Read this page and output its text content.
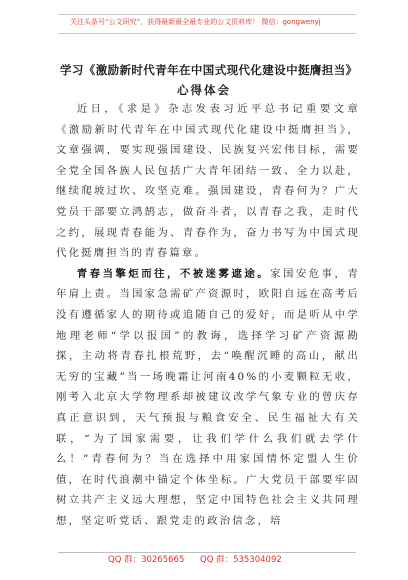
关注头条号“公文研究”，获得最新最全最专业的公文资料库！ 微信：gongwenyj
学习《激励新时代青年在中国式现代化建设中挺膺担当》
心得体会

近日，《求是》杂志发表习近平总书记重要文章《激励新时代青年在中国式现代化建设中挺膺担当》，文章强调，要实现强国建设、民族复兴宏伟目标，需要全党全国各族人民包括广大青年团结一致、全力以赴，继续爬坡过坎、攻坚克难。强国建设，青春何为？广大党员干部要立鸿鹄志，做奋斗者，以青春之我，走时代之约，展现青春能为、青春作为，奋力书写为中国式现代化挺膺担当的青春篇章。

青春当擎炬而往，不被迷雾遮途。家国安危事，青年肩上责。当国家急需矿产资源时，欧阳自远在高考后没有遵循家人的期待或追随自己的爱好，而是听从中学地理老师“学以报国”的教诲，选择学习矿产资源勘探，主动将青春扎根荒野，去“唤醒沉睡的高山，献出无穷的宝藏”当一场晚霜让河南40%的小麦颗粒无收，刚考入北京大学物理系却被建议改学气象专业的曾庆存真正意识到，天气预报与粮食安全、民生福祉大有关联，“为了国家需要，让我们学什么我们就去学什么！”青春何为？当在选择中用家国情怀定盟人生价值，在时代浪潮中锚定个体坐标。广大党员干部要牢固树立共产主义远大理想，坚定中国特色社会主义共同理想，坚定听党话、跟党走的政治信念，培

QQ 群：30265665 QQ 群：535304092
